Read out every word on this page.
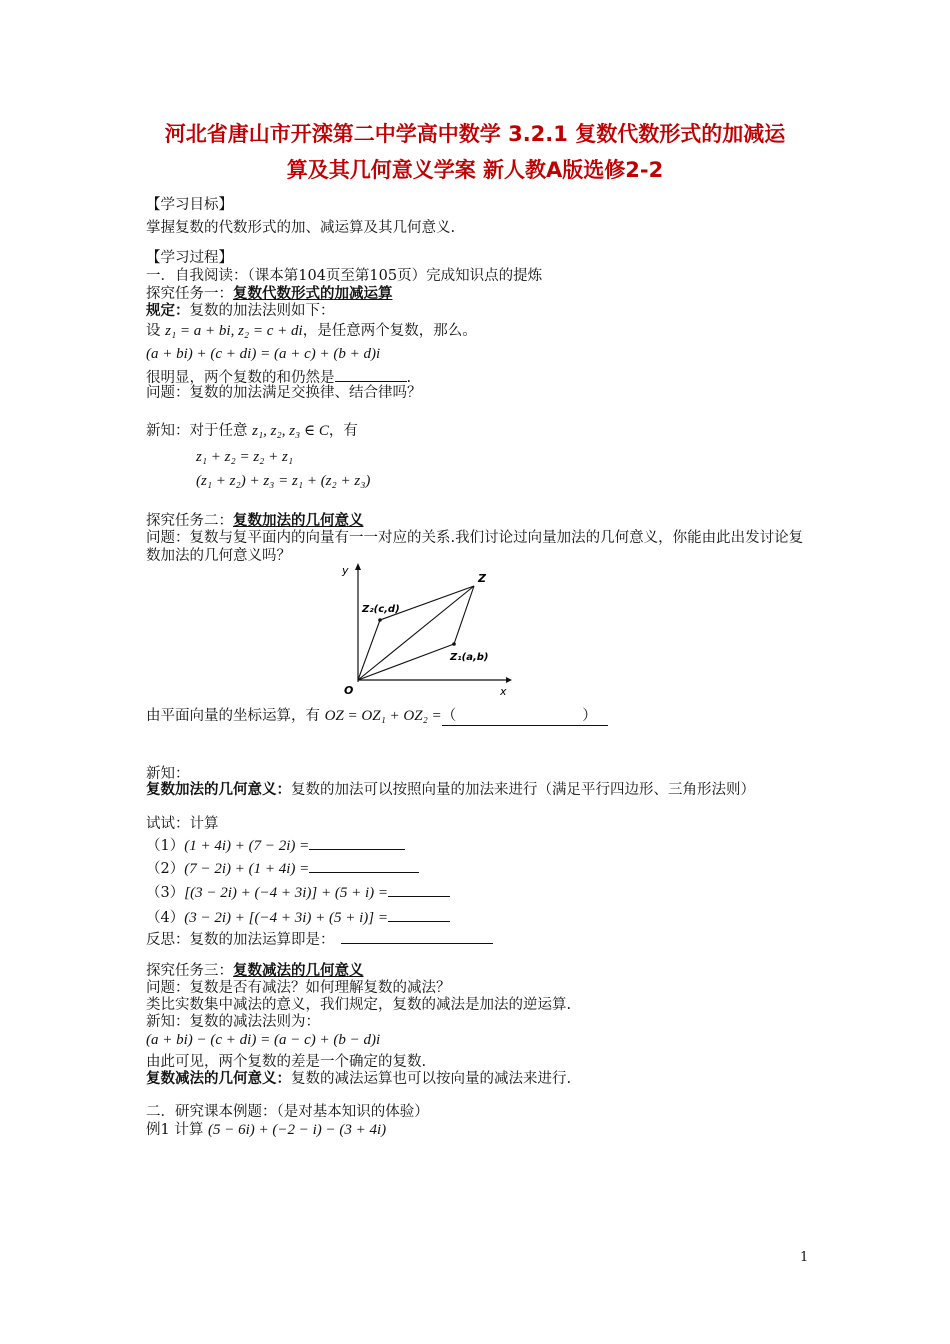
河北省唐山市开滦第二中学高中数学 3.2.1 复数代数形式的加减运
算及其几何意义学案 新人教A版选修2-2
【学习目标】
掌握复数的代数形式的加、减运算及其几何意义.
【学习过程】
一．自我阅读：（课本第104页至第105页）完成知识点的提炼
探究任务一：复数代数形式的加减运算
规定：复数的加法法则如下：
设 z₁ = a + bi, z₂ = c + di，是任意两个复数，那么。
(a + bi) + (c + di) = (a + c) + (b + d)i
很明显，两个复数的和仍然是	.
问题：复数的加法满足交换律、结合律吗？
新知：对于任意 z₁, z₂, z₃ ∈ C，有
z₁ + z₂ = z₂ + z₁
(z₁ + z₂) + z₃ = z₁ + (z₂ + z₃)
探究任务二：复数加法的几何意义
问题：复数与复平面内的向量有一一对应的关系.我们讨论过向量加法的几何意义，你能由此出发讨论复数加法的几何意义吗？
y
x
O
Z
Z₂(c,d)
Z₁(a,b)
由平面向量的坐标运算，有 OZ = OZ₁ + OZ₂ =（	）
新知：
复数加法的几何意义：复数的加法可以按照向量的加法来进行（满足平行四边形、三角形法则）
试试：计算
（1）(1 + 4i) + (7 − 2i) =
（2）(7 − 2i) + (1 + 4i) =
（3）[(3 − 2i) + (−4 + 3i)] + (5 + i) =
（4）(3 − 2i) + [(−4 + 3i) + (5 + i)] =
反思：复数的加法运算即是：
探究任务三：复数减法的几何意义
问题：复数是否有减法？如何理解复数的减法？
类比实数集中减法的意义，我们规定，复数的减法是加法的逆运算.
新知：复数的减法法则为：
(a + bi) − (c + di) = (a − c) + (b − d)i
由此可见，两个复数的差是一个确定的复数.
复数减法的几何意义：复数的减法运算也可以按向量的减法来进行.
二．研究课本例题：（是对基本知识的体验）
例1 计算 (5 − 6i) + (−2 − i) − (3 + 4i)
1
